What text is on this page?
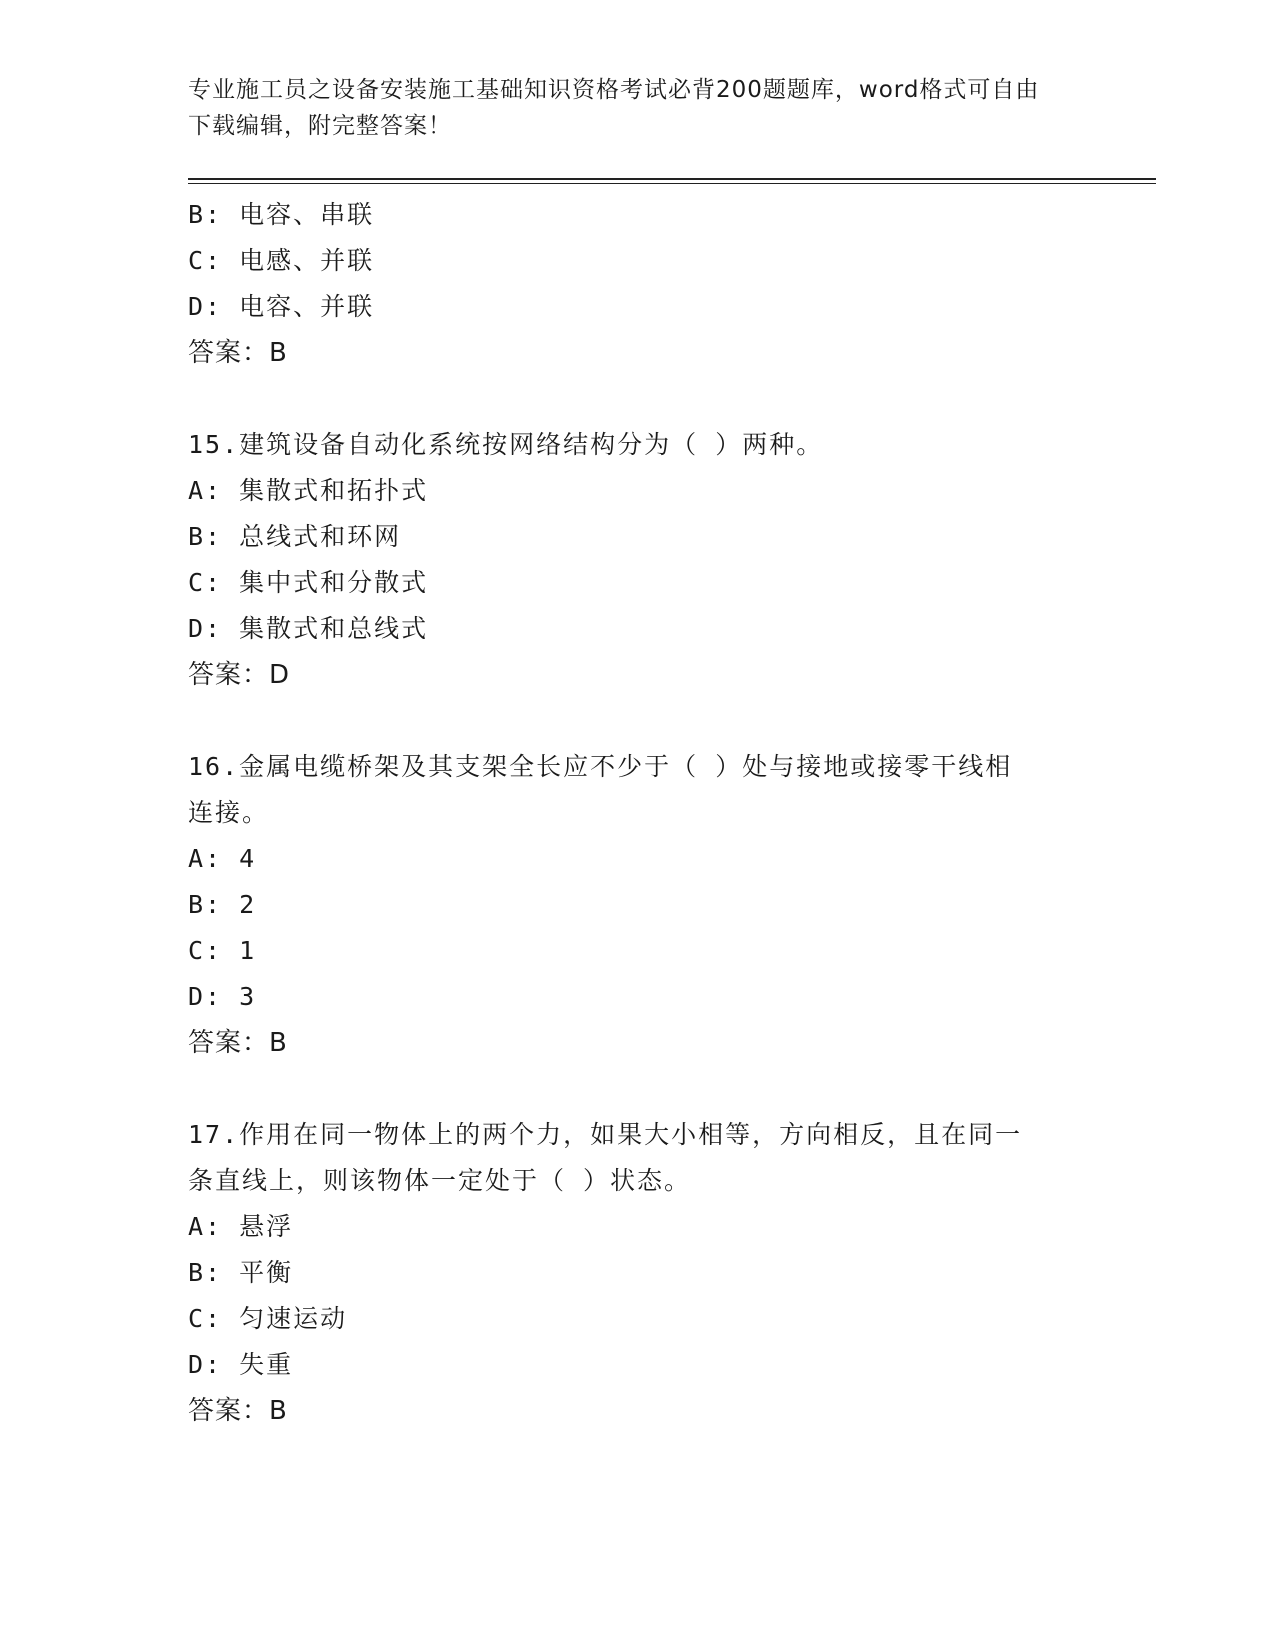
专业施工员之设备安装施工基础知识资格考试必背200题题库，word格式可自由
下载编辑，附完整答案！
B: 电容、串联
C: 电感、并联
D: 电容、并联
答案：B
15.建筑设备自动化系统按网络结构分为（ ）两种。
A: 集散式和拓扑式
B: 总线式和环网
C: 集中式和分散式
D: 集散式和总线式
答案：D
16.金属电缆桥架及其支架全长应不少于（ ）处与接地或接零干线相
连接。
A: 4
B: 2
C: 1
D: 3
答案：B
17.作用在同一物体上的两个力，如果大小相等，方向相反，且在同一
条直线上，则该物体一定处于（ ）状态。
A: 悬浮
B: 平衡
C: 匀速运动
D: 失重
答案：B
